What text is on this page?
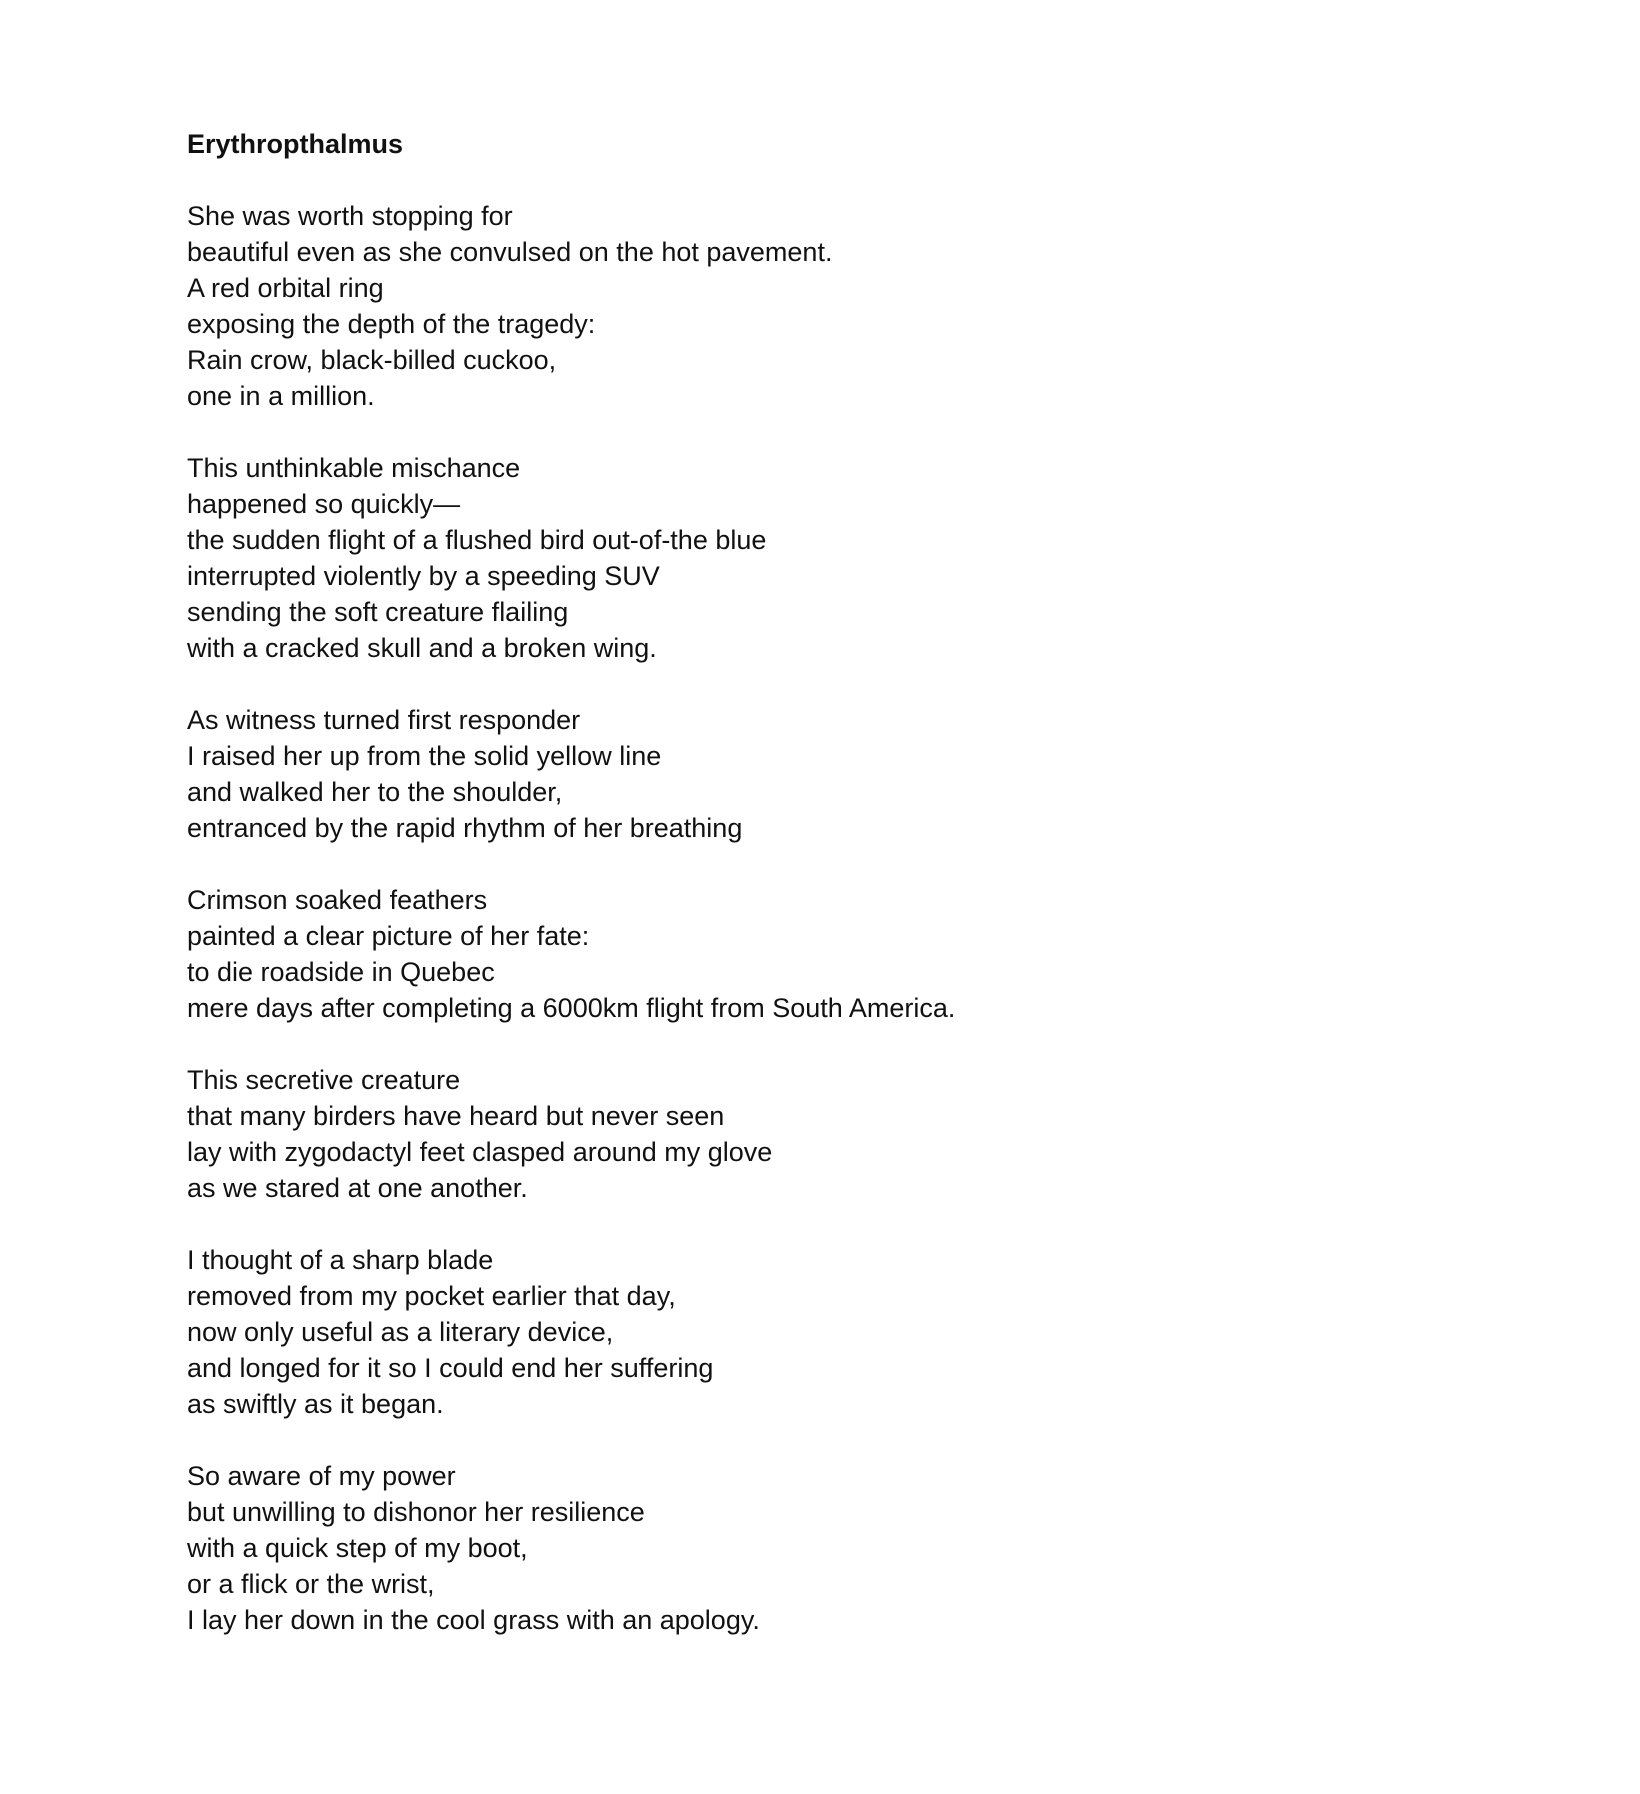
Erythropthalmus
She was worth stopping for
beautiful even as she convulsed on the hot pavement.
A red orbital ring
exposing the depth of the tragedy:
Rain crow, black-billed cuckoo,
one in a million.
This unthinkable mischance
happened so quickly—
the sudden flight of a flushed bird out-of-the blue
interrupted violently by a speeding SUV
sending the soft creature flailing
with a cracked skull and a broken wing.
As witness turned first responder
I raised her up from the solid yellow line
and walked her to the shoulder,
entranced by the rapid rhythm of her breathing
Crimson soaked feathers
painted a clear picture of her fate:
to die roadside in Quebec
mere days after completing a 6000km flight from South America.
This secretive creature
that many birders have heard but never seen
lay with zygodactyl feet clasped around my glove
as we stared at one another.
I thought of a sharp blade
removed from my pocket earlier that day,
now only useful as a literary device,
and longed for it so I could end her suffering
as swiftly as it began.
So aware of my power
but unwilling to dishonor her resilience
with a quick step of my boot,
or a flick or the wrist,
I lay her down in the cool grass with an apology.
